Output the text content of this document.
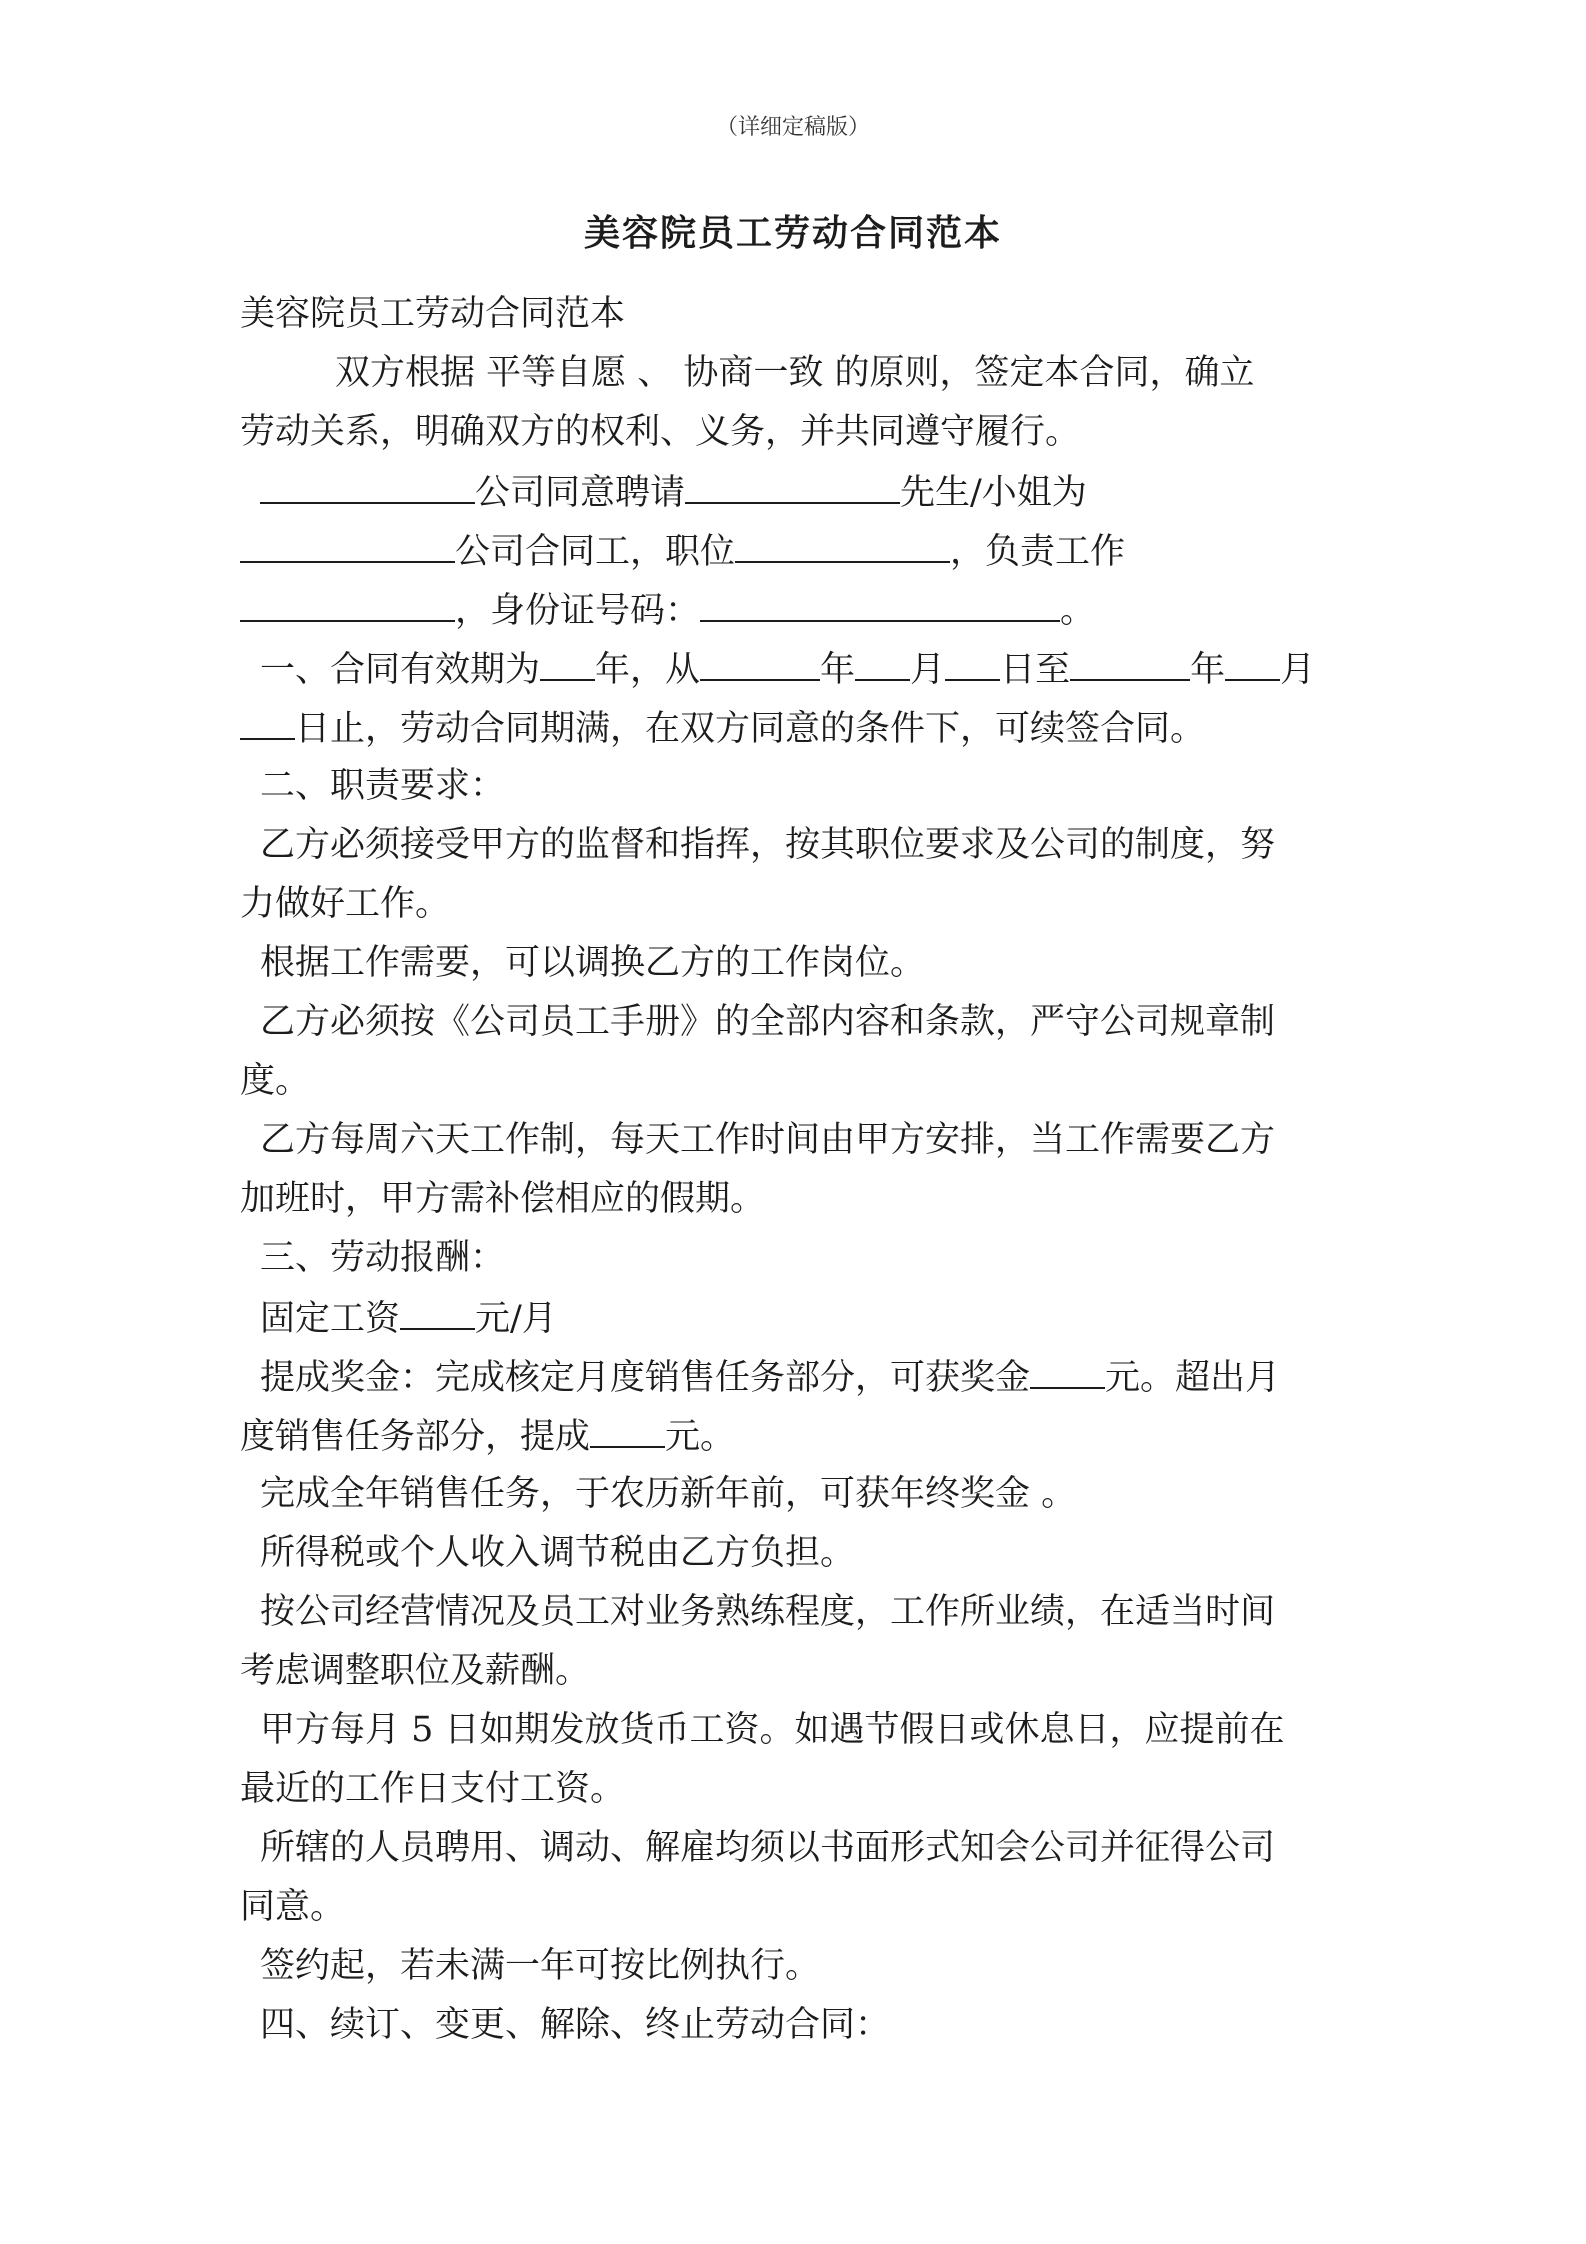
（详细定稿版）
美容院员工劳动合同范本
美容院员工劳动合同范本
双方根据 平等自愿 、 协商一致 的原则，签定本合同，确立
劳动关系，明确双方的权利、义务，并共同遵守履行。
公司同意聘请	先生/小姐为
公司合同工，职位	，负责工作
，身份证号码：	。
一、合同有效期为 年，从	年 月 日至	年 月
日止，劳动合同期满，在双方同意的条件下，可续签合同。
二、职责要求：
乙方必须接受甲方的监督和指挥，按其职位要求及公司的制度，努
力做好工作。
根据工作需要，可以调换乙方的工作岗位。
乙方必须按《公司员工手册》的全部内容和条款，严守公司规章制
度。
乙方每周六天工作制，每天工作时间由甲方安排，当工作需要乙方
加班时，甲方需补偿相应的假期。
三、劳动报酬：
固定工资 元/月
提成奖金：完成核定月度销售任务部分，可获奖金 元。超出月
度销售任务部分，提成 元。
完成全年销售任务，于农历新年前，可获年终奖金 。
所得税或个人收入调节税由乙方负担。
按公司经营情况及员工对业务熟练程度，工作所业绩，在适当时间
考虑调整职位及薪酬。
甲方每月 5 日如期发放货币工资。如遇节假日或休息日，应提前在
最近的工作日支付工资。
所辖的人员聘用、调动、解雇均须以书面形式知会公司并征得公司
同意。
签约起，若未满一年可按比例执行。
四、续订、变更、解除、终止劳动合同：
